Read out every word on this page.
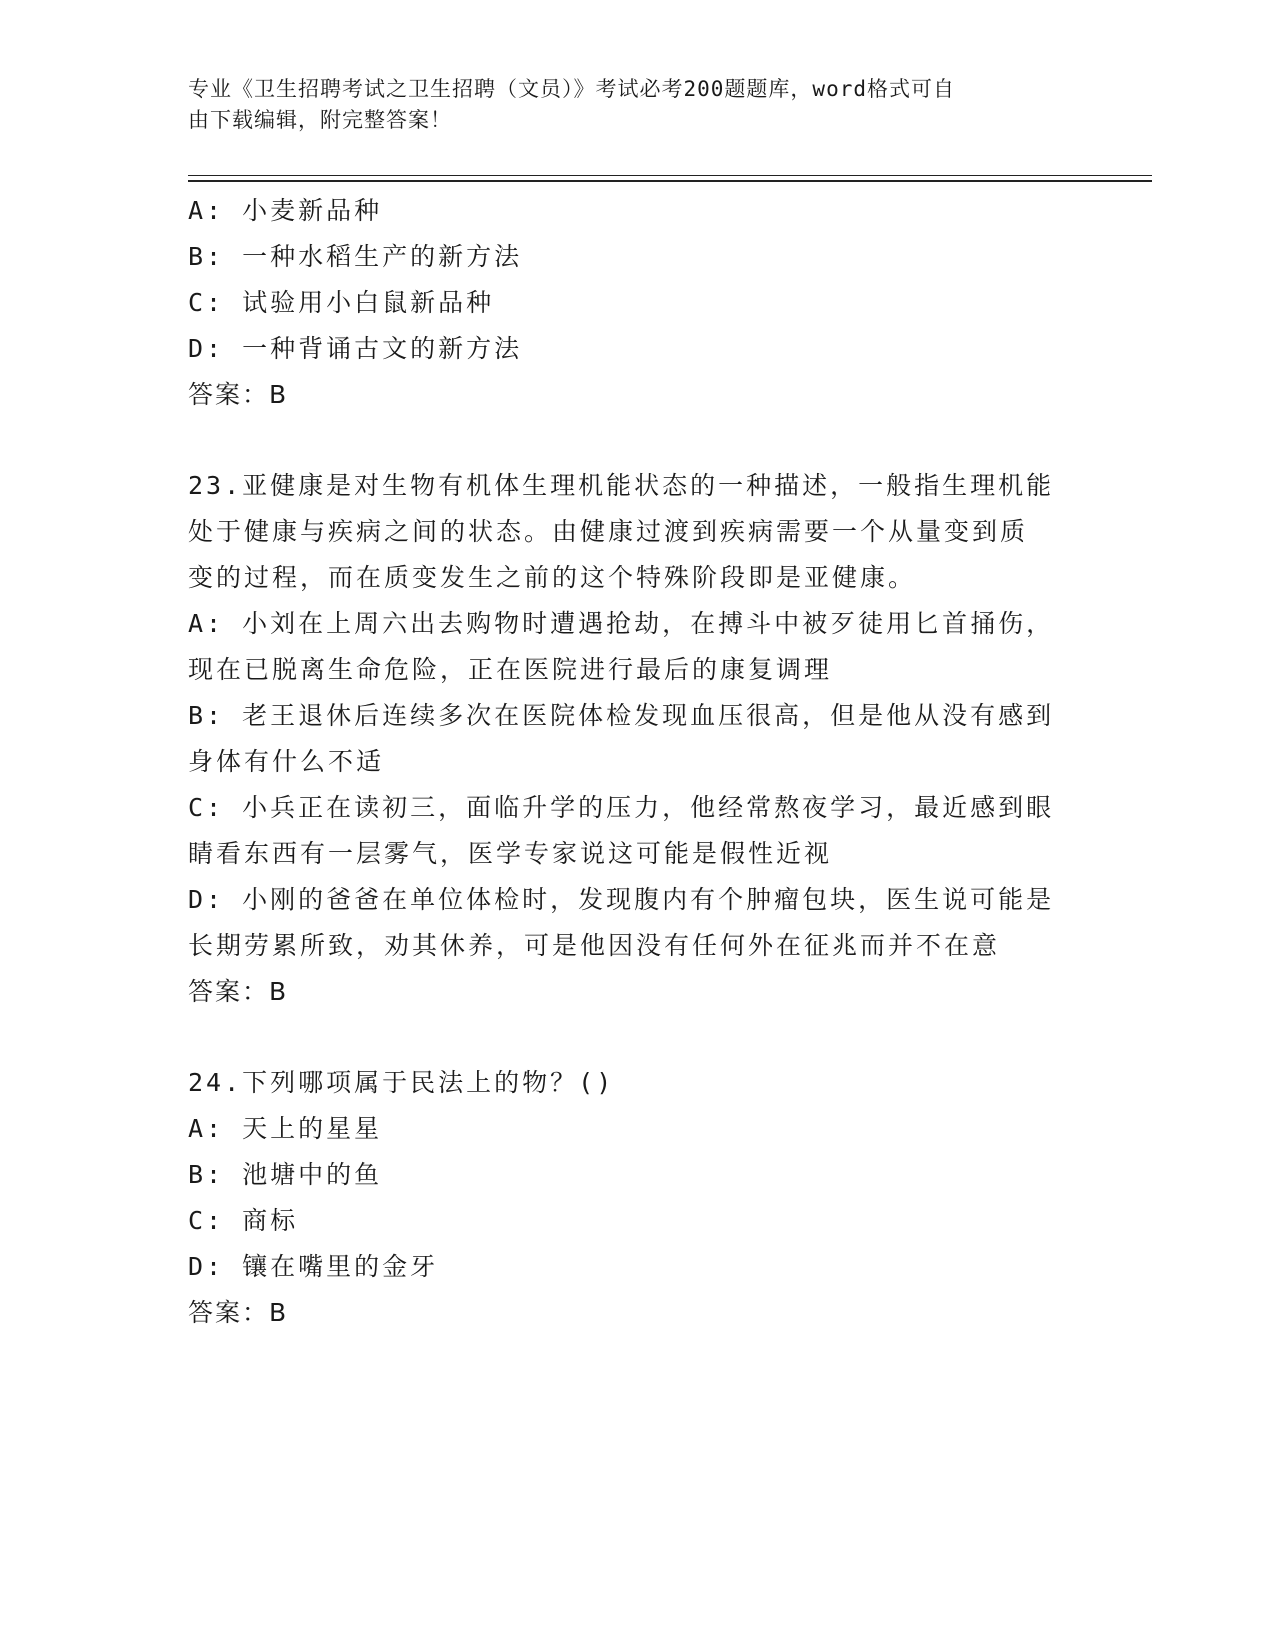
专业《卫生招聘考试之卫生招聘（文员）》考试必考200题题库，word格式可自
由下载编辑，附完整答案！
A: 小麦新品种
B: 一种水稻生产的新方法
C: 试验用小白鼠新品种
D: 一种背诵古文的新方法
答案：B
23.亚健康是对生物有机体生理机能状态的一种描述，一般指生理机能
处于健康与疾病之间的状态。由健康过渡到疾病需要一个从量变到质
变的过程，而在质变发生之前的这个特殊阶段即是亚健康。
A: 小刘在上周六出去购物时遭遇抢劫，在搏斗中被歹徒用匕首捅伤，
现在已脱离生命危险，正在医院进行最后的康复调理
B: 老王退休后连续多次在医院体检发现血压很高，但是他从没有感到
身体有什么不适
C: 小兵正在读初三，面临升学的压力，他经常熬夜学习，最近感到眼
睛看东西有一层雾气，医学专家说这可能是假性近视
D: 小刚的爸爸在单位体检时，发现腹内有个肿瘤包块，医生说可能是
长期劳累所致，劝其休养，可是他因没有任何外在征兆而并不在意
答案：B
24.下列哪项属于民法上的物？()
A: 天上的星星
B: 池塘中的鱼
C: 商标
D: 镶在嘴里的金牙
答案：B
